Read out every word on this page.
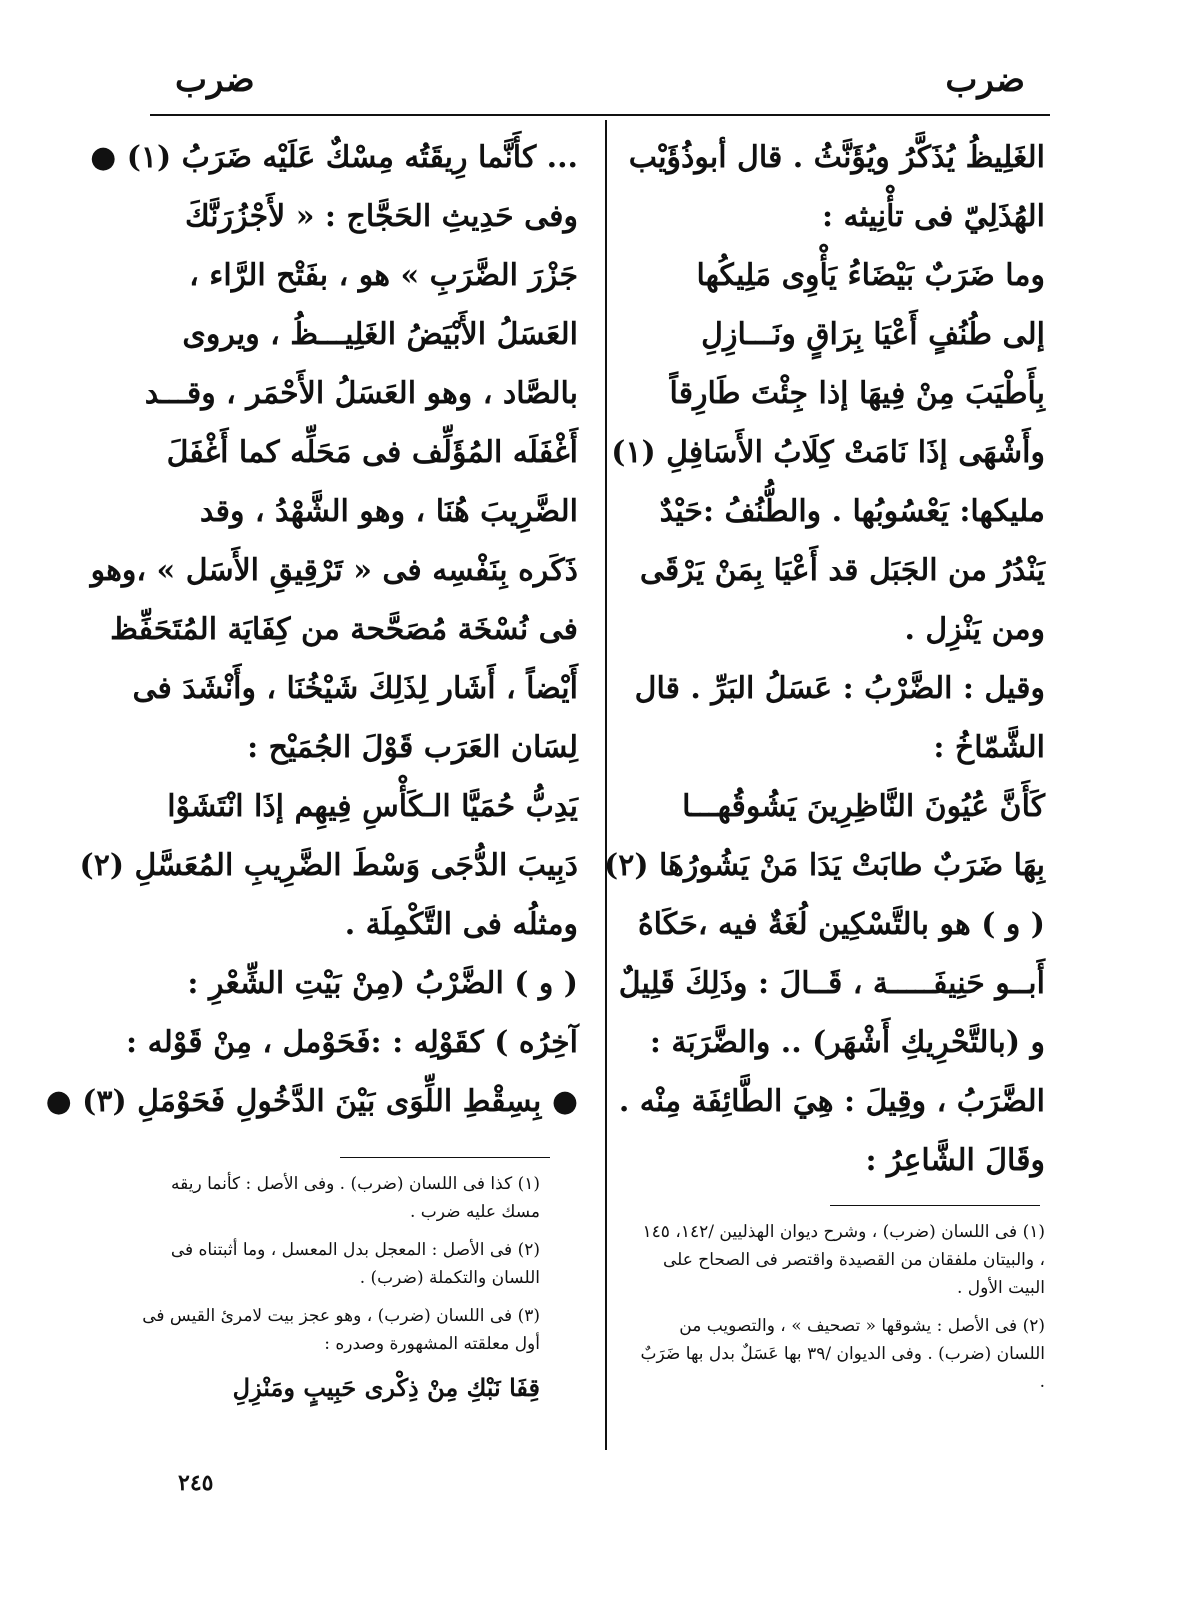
ضرب
ضرب
الغَلِيظُ يُذَكَّرُ ويُؤَنَّثُ . قال أبوذُؤَيْب
الهُذَلِيّ فى تأْنِيثه :
وما ضَرَبٌ بَيْضَاءُ يَأْوِى مَلِيكُها
إلى طُنُفٍ أَعْيَا بِرَاقٍ ونَـــازِلِ
بِأَطْيَبَ مِنْ فِيهَا إذا جِئْتَ طَارِقاً
وأَشْهَى إذَا نَامَتْ كِلَابُ الأَسَافِلِ (١)
مليكها: يَعْسُوبُها . والطُّنُفُ :حَيْدٌ
يَنْدُرُ من الجَبَل قد أَعْيَا بِمَنْ يَرْقَى
ومن يَنْزِل .
وقيل : الضَّرْبُ : عَسَلُ البَرِّ . قال
الشَّمّاخُ :
كَأَنَّ عُيُونَ النَّاظِرِينَ يَشُوقُهـــا
بِهَا ضَرَبٌ طابَتْ يَدَا مَنْ يَشُورُهَا (٢)
( و ) هو بالتَّسْكِين لُغَةٌ فيه ،حَكَاهُ
أَبــو حَنِيفَـــــة ، قَــالَ : وذَلِكَ قَلِيلٌ
و (بالتَّحْرِيكِ أَشْهَر) .. والضَّرَبَة :
الضَّرَبُ ، وقِيلَ : هِيَ الطَّائِفَة مِنْه .
وقَالَ الشَّاعِرُ :
... كأَنَّما رِيقَتُه مِسْكٌ عَلَيْه ضَرَبُ (١) ●
وفى حَدِيثِ الحَجَّاج : « لأَجْزُرَنَّكَ
جَزْرَ الضَّرَبِ » هو ، بفَتْح الرَّاء ،
العَسَلُ الأَبْيَضُ الغَلِيـــظُ ، ويروى
بالصَّاد ، وهو العَسَلُ الأَحْمَر ، وقـــد
أَغْفَلَه المُؤَلِّف فى مَحَلِّه كما أَغْفَلَ
الضَّرِيبَ هُنَا ، وهو الشَّهْدُ ، وقد
ذَكَره بِنَفْسِه فى « تَرْقِيقِ الأَسَل » ،وهو
فى نُسْخَة مُصَحَّحة من كِفَايَة المُتَحَفِّظ
أَيْضاً ، أَشَار لِذَلِكَ شَيْخُنَا ، وأَنْشَدَ فى
لِسَان العَرَب قَوْلَ الجُمَيْح :
يَدِبُّ حُمَيَّا الـكَأْسِ فِيهِم إذَا انْتَشَوْا
دَبِيبَ الدُّجَى وَسْطَ الضَّرِيبِ المُعَسَّلِ (٢)
ومثلُه فى التَّكْمِلَة .
( و ) الضَّرْبُ (مِنْ بَيْتِ الشِّعْرِ :
آخِرُه ) كقَوْلِه : :فَحَوْمل ، مِنْ قَوْله :
● بِسِقْطِ اللِّوَى بَيْنَ الدَّخُولِ فَحَوْمَلِ (٣) ●
(١) فى اللسان (ضرب) ، وشرح ديوان الهذليين /١٤٢، ١٤٥ ، والبيتان ملفقان من القصيدة واقتصر فى الصحاح على البيت الأول .
(٢) فى الأصل : يشوقها « تصحيف » ، والتصويب من اللسان (ضرب) . وفى الديوان /٣٩ بها عَسَلٌ بدل بها ضَرَبٌ .
(١) كذا فى اللسان (ضرب) . وفى الأصل : كأنما ريقه مسك عليه ضرب .
(٢) فى الأصل : المعجل بدل المعسل ، وما أثبتناه فى اللسان والتكملة (ضرب) .
(٣) فى اللسان (ضرب) ، وهو عجز بيت لامرئ القيس فى أول معلقته المشهورة وصدره :
قِفَا نَبْكِ مِنْ ذِكْرى حَبِيبٍ ومَنْزِلِ
٢٤٥
